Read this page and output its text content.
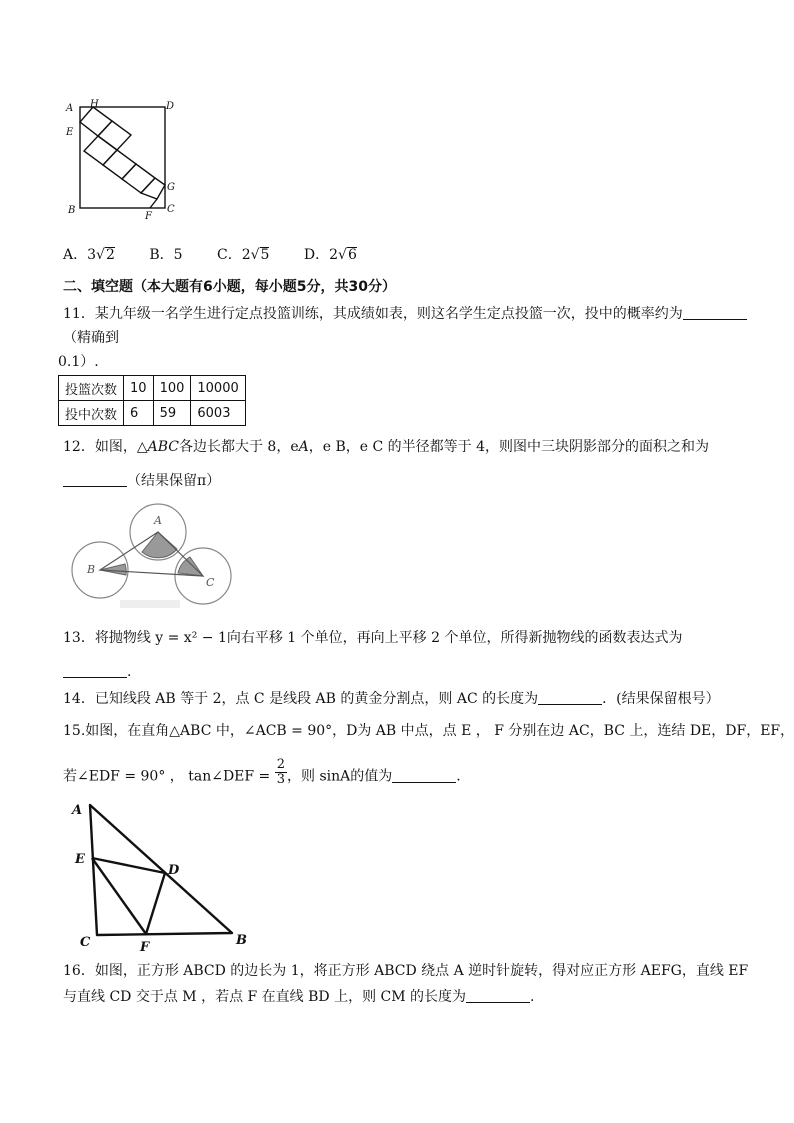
A H	D
E
G
B
F
C
A．3√2 B．5 C．2√5 D．2√6
二、填空题（本大题有6小题，每小题5分，共30分）
11．某九年级一名学生进行定点投篮训练，其成绩如表，则这名学生定点投篮一次，投中的概率约为
（精确到
0.1）.
投篮次数	10	100	10000
投中次数	6	59	6003
12．如图，△ABC各边长都大于 8，eA，e B，e C 的半径都等于 4，则图中三块阴影部分的面积之和为
（结果保留π）
A
B
C
13．将抛物线 y = x² − 1向右平移 1 个单位，再向上平移 2 个单位，所得新抛物线的函数表达式为
.
14．已知线段 AB 等于 2，点 C 是线段 AB 的黄金分割点，则 AC 的长度为	．(结果保留根号）
15.如图，在直角△ABC 中，∠ACB = 90°，D为 AB 中点，点 E ， F 分别在边 AC，BC 上，连结 DE，DF，EF，
若∠EDF = 90° ， tan∠DEF = $\frac{2}{3}$ ，则 sinA的值为	.
A
E
D
C	F	B
16．如图，正方形 ABCD 的边长为 1，将正方形 ABCD 绕点 A 逆时针旋转，得对应正方形 AEFG，直线 EF
与直线 CD 交于点 M ，若点 F 在直线 BD 上，则 CM 的长度为	.
